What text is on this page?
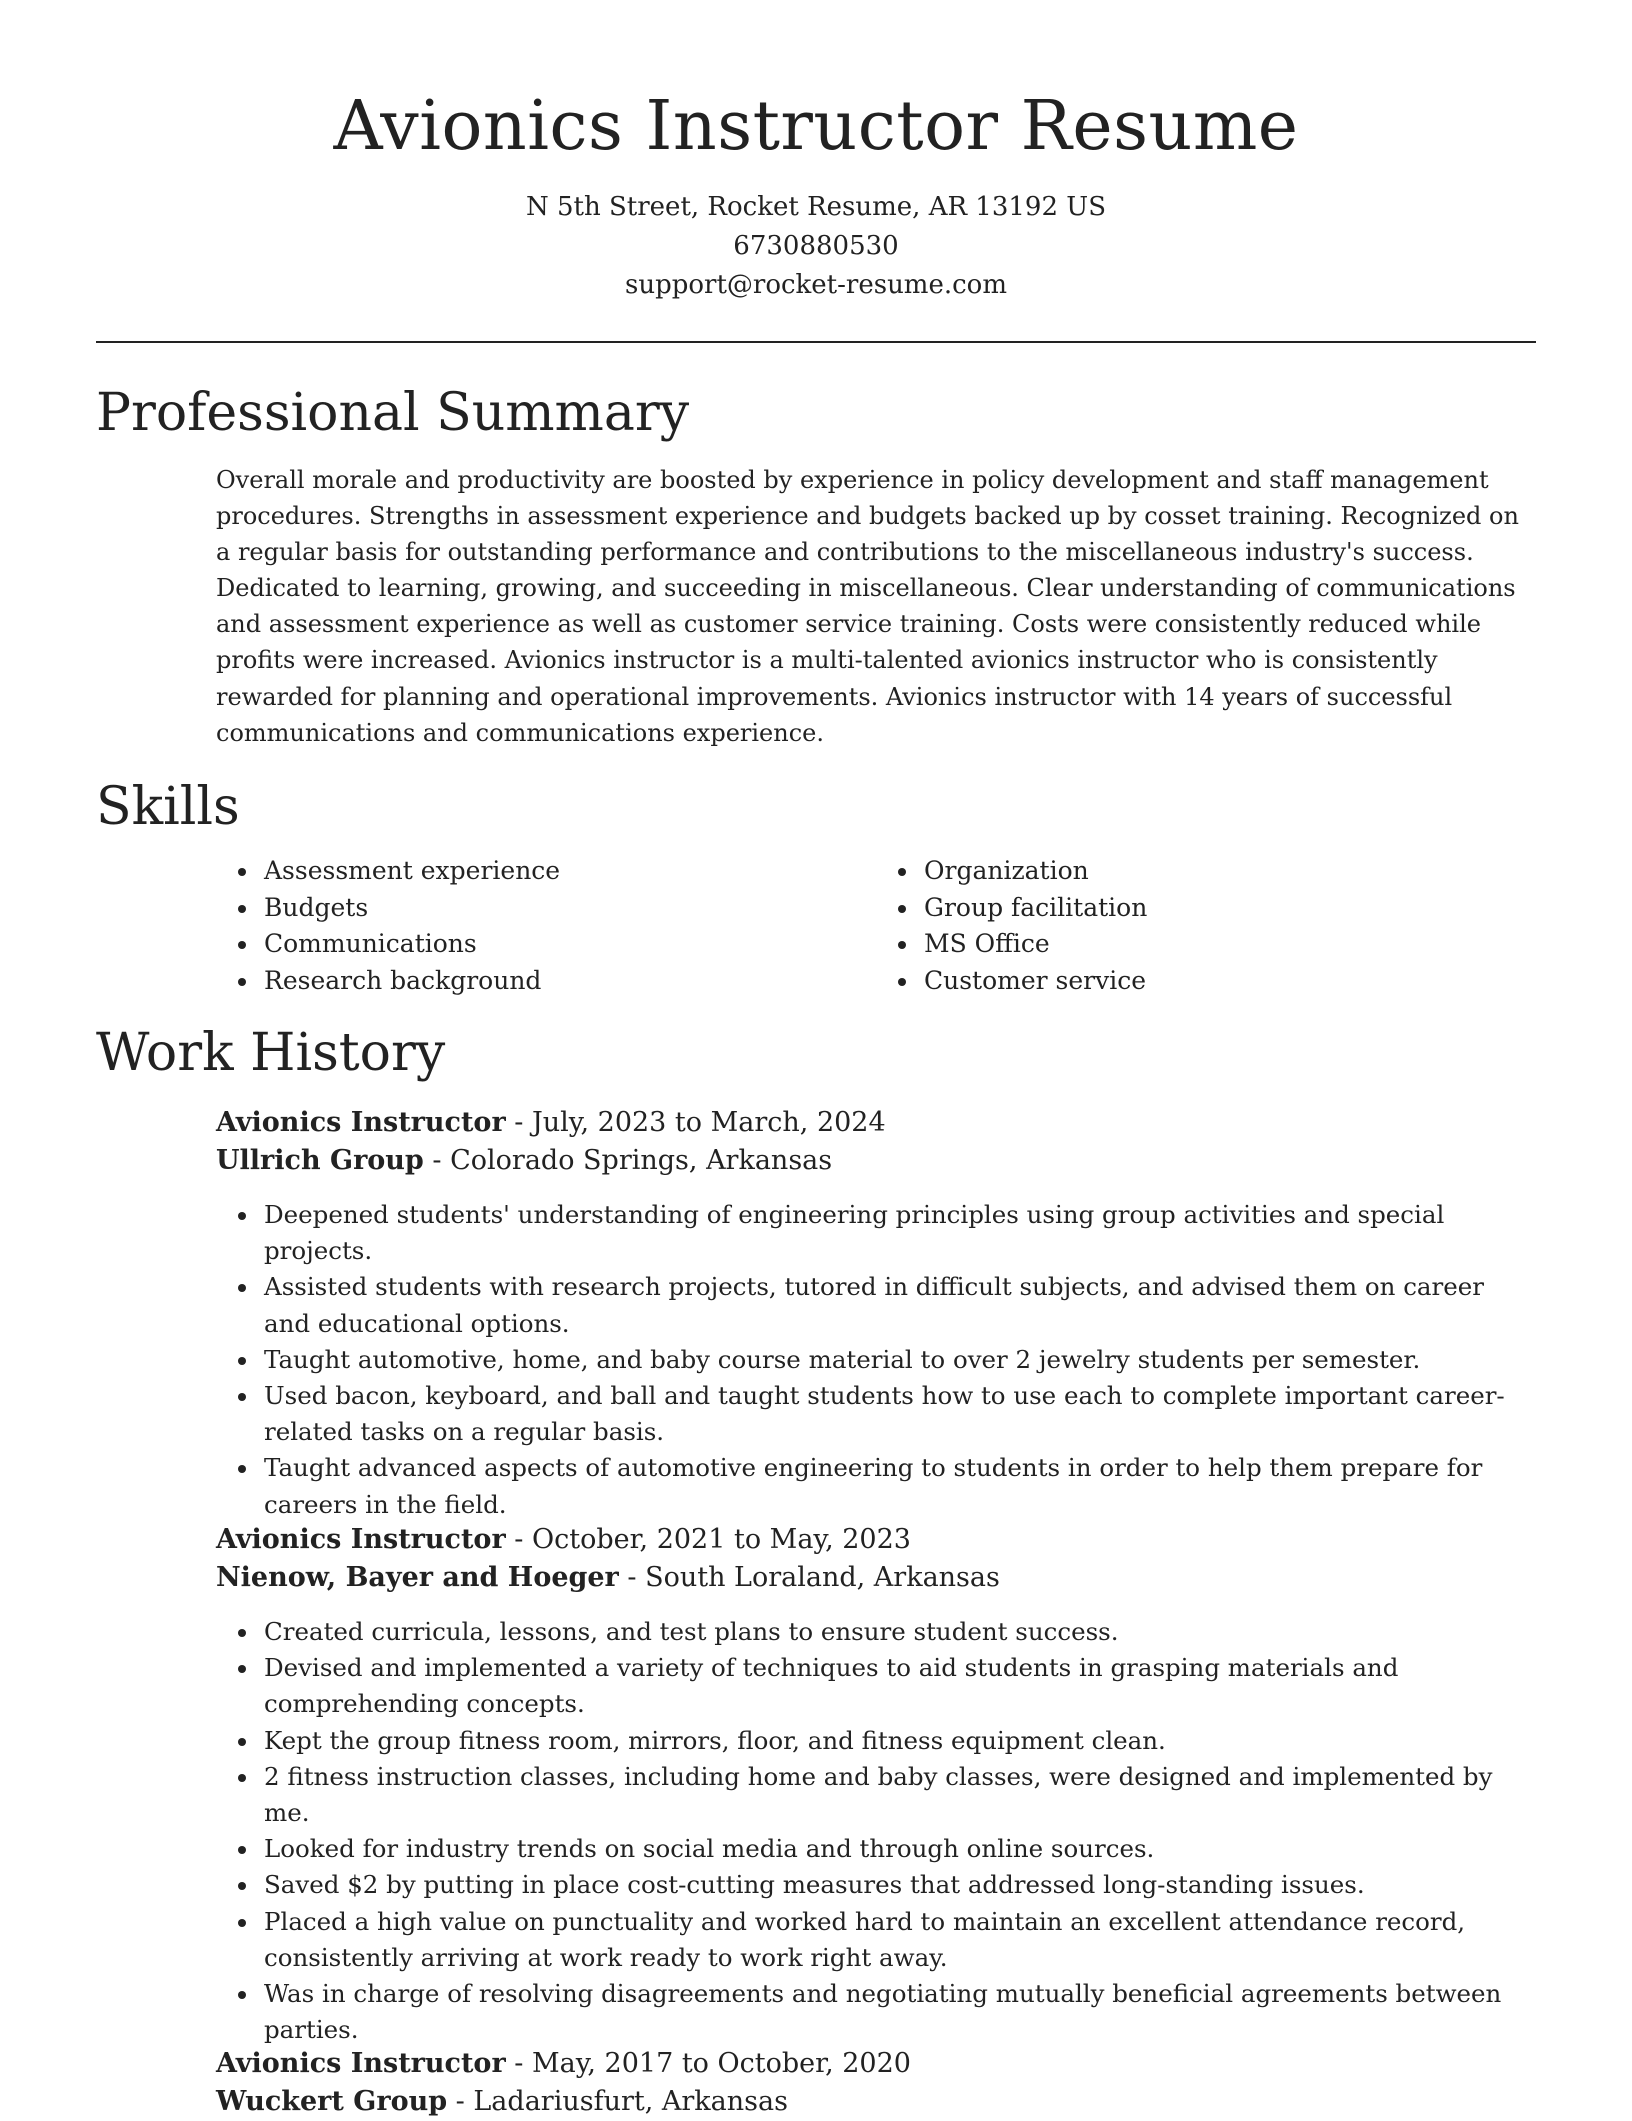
Avionics Instructor Resume
N 5th Street, Rocket Resume, AR 13192 US
6730880530
support@rocket-resume.com
Professional Summary

Overall morale and productivity are boosted by experience in policy development and staff management procedures. Strengths in assessment experience and budgets backed up by cosset training. Recognized on a regular basis for outstanding performance and contributions to the miscellaneous industry's success. Dedicated to learning, growing, and succeeding in miscellaneous. Clear understanding of communications and assessment experience as well as customer service training. Costs were consistently reduced while profits were increased. Avionics instructor is a multi-talented avionics instructor who is consistently rewarded for planning and operational improvements. Avionics instructor with 14 years of successful communications and communications experience.

Skills
• Assessment experience
• Budgets
• Communications
• Research background
• Organization
• Group facilitation
• MS Office
• Customer service
Work History
Avionics Instructor - July, 2023 to March, 2024
Ullrich Group - Colorado Springs, Arkansas
• Deepened students' understanding of engineering principles using group activities and special projects.
• Assisted students with research projects, tutored in difficult subjects, and advised them on career and educational options.
• Taught automotive, home, and baby course material to over 2 jewelry students per semester.
• Used bacon, keyboard, and ball and taught students how to use each to complete important career-related tasks on a regular basis.
• Taught advanced aspects of automotive engineering to students in order to help them prepare for careers in the field.
Avionics Instructor - October, 2021 to May, 2023
Nienow, Bayer and Hoeger - South Loraland, Arkansas
• Created curricula, lessons, and test plans to ensure student success.
• Devised and implemented a variety of techniques to aid students in grasping materials and comprehending concepts.
• Kept the group fitness room, mirrors, floor, and fitness equipment clean.
• 2 fitness instruction classes, including home and baby classes, were designed and implemented by me.
• Looked for industry trends on social media and through online sources.
• Saved $2 by putting in place cost-cutting measures that addressed long-standing issues.
• Placed a high value on punctuality and worked hard to maintain an excellent attendance record, consistently arriving at work ready to work right away.
• Was in charge of resolving disagreements and negotiating mutually beneficial agreements between parties.
Avionics Instructor - May, 2017 to October, 2020
Wuckert Group - Ladariusfurt, Arkansas
